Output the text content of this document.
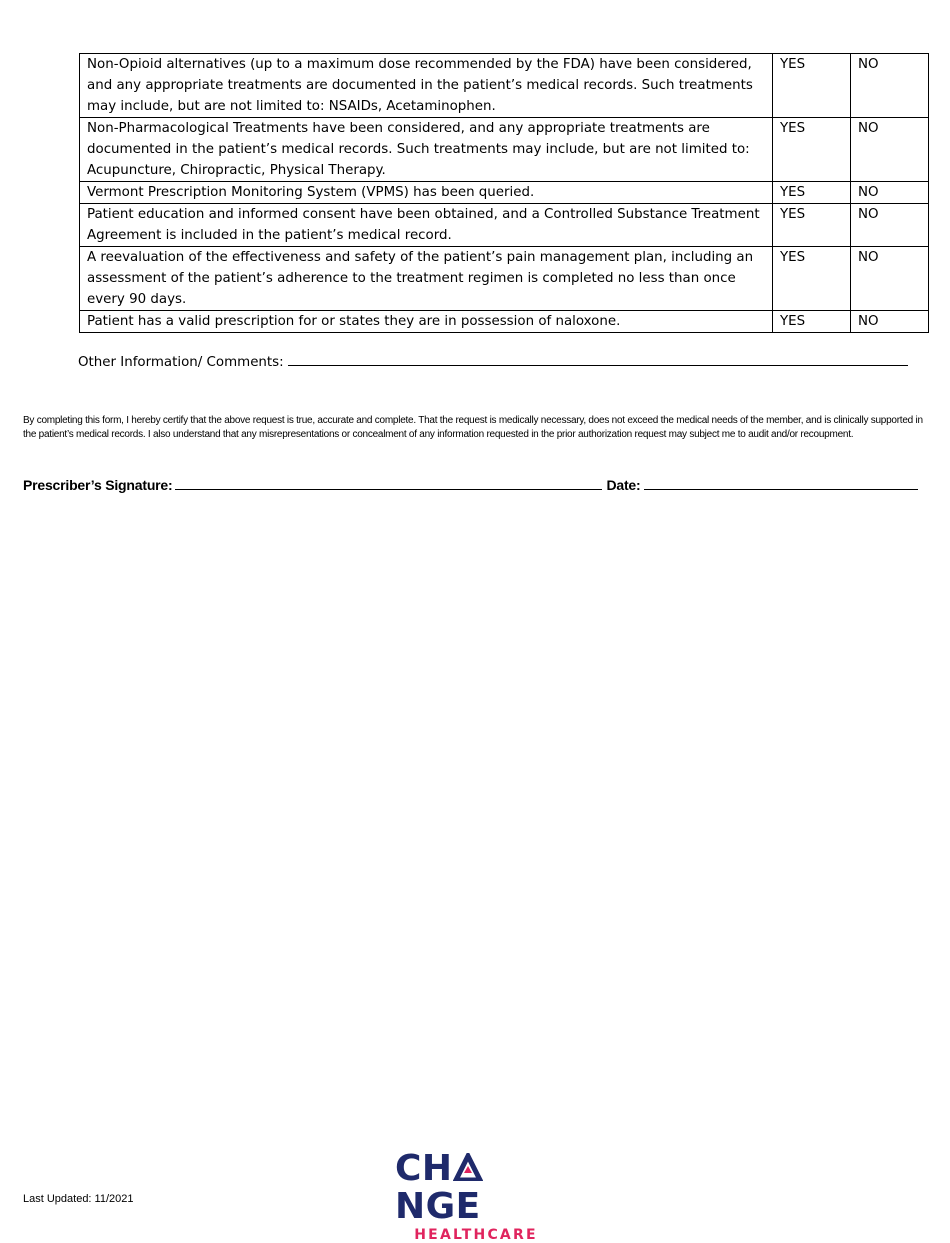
Non-Opioid alternatives (up to a maximum dose recommended by the FDA) have been considered, and any appropriate treatments are documented in the patient’s medical records. Such treatments may include, but are not limited to: NSAIDs, Acetaminophen.	YES	NO
Non-Pharmacological Treatments have been considered, and any appropriate treatments are documented in the patient’s medical records. Such treatments may include, but are not limited to: Acupuncture, Chiropractic, Physical Therapy.	YES	NO
Vermont Prescription Monitoring System (VPMS) has been queried.	YES	NO
Patient education and informed consent have been obtained, and a Controlled Substance Treatment Agreement is included in the patient’s medical record.	YES	NO
A reevaluation of the effectiveness and safety of the patient’s pain management plan, including an assessment of the patient’s adherence to the treatment regimen is completed no less than once every 90 days.	YES	NO
Patient has a valid prescription for or states they are in possession of naloxone.	YES	NO
Other Information/ Comments:
By completing this form, I hereby certify that the above request is true, accurate and complete. That the request is medically necessary, does not exceed the medical needs of the member, and is clinically supported in the patient’s medical records. I also understand that any misrepresentations or concealment of any information requested in the prior authorization request may subject me to audit and/or recoupment.
Prescriber’s Signature:	Date:
CHNGE
HEALTHCARE
Last Updated: 11/2021
